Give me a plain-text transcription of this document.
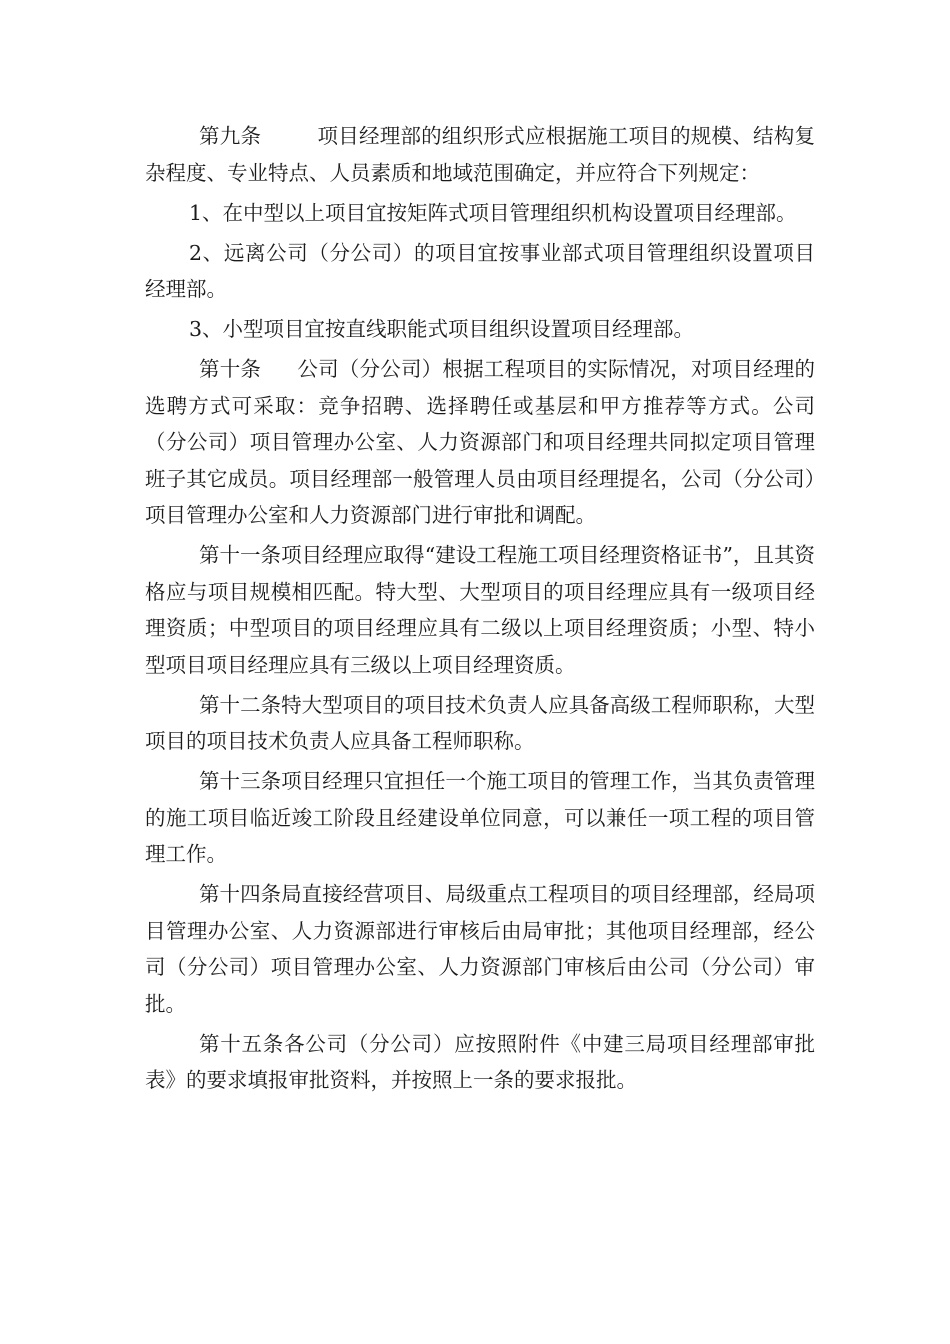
第九条	项目经理部的组织形式应根据施工项目的规模、结构复杂程度、专业特点、人员素质和地域范围确定，并应符合下列规定：

1、在中型以上项目宜按矩阵式项目管理组织机构设置项目经理部。

2、远离公司（分公司）的项目宜按事业部式项目管理组织设置项目经理部。

3、小型项目宜按直线职能式项目组织设置项目经理部。

第十条 公司（分公司）根据工程项目的实际情况，对项目经理的选聘方式可采取：竞争招聘、选择聘任或基层和甲方推荐等方式。公司（分公司）项目管理办公室、人力资源部门和项目经理共同拟定项目管理班子其它成员。项目经理部一般管理人员由项目经理提名，公司（分公司）项目管理办公室和人力资源部门进行审批和调配。

第十一条项目经理应取得“建设工程施工项目经理资格证书”，且其资格应与项目规模相匹配。特大型、大型项目的项目经理应具有一级项目经理资质；中型项目的项目经理应具有二级以上项目经理资质；小型、特小型项目项目经理应具有三级以上项目经理资质。

第十二条特大型项目的项目技术负责人应具备高级工程师职称，大型项目的项目技术负责人应具备工程师职称。

第十三条项目经理只宜担任一个施工项目的管理工作，当其负责管理的施工项目临近竣工阶段且经建设单位同意，可以兼任一项工程的项目管理工作。

第十四条局直接经营项目、局级重点工程项目的项目经理部，经局项目管理办公室、人力资源部进行审核后由局审批；其他项目经理部，经公司（分公司）项目管理办公室、人力资源部门审核后由公司（分公司）审批。

第十五条各公司（分公司）应按照附件《中建三局项目经理部审批表》的要求填报审批资料，并按照上一条的要求报批。
